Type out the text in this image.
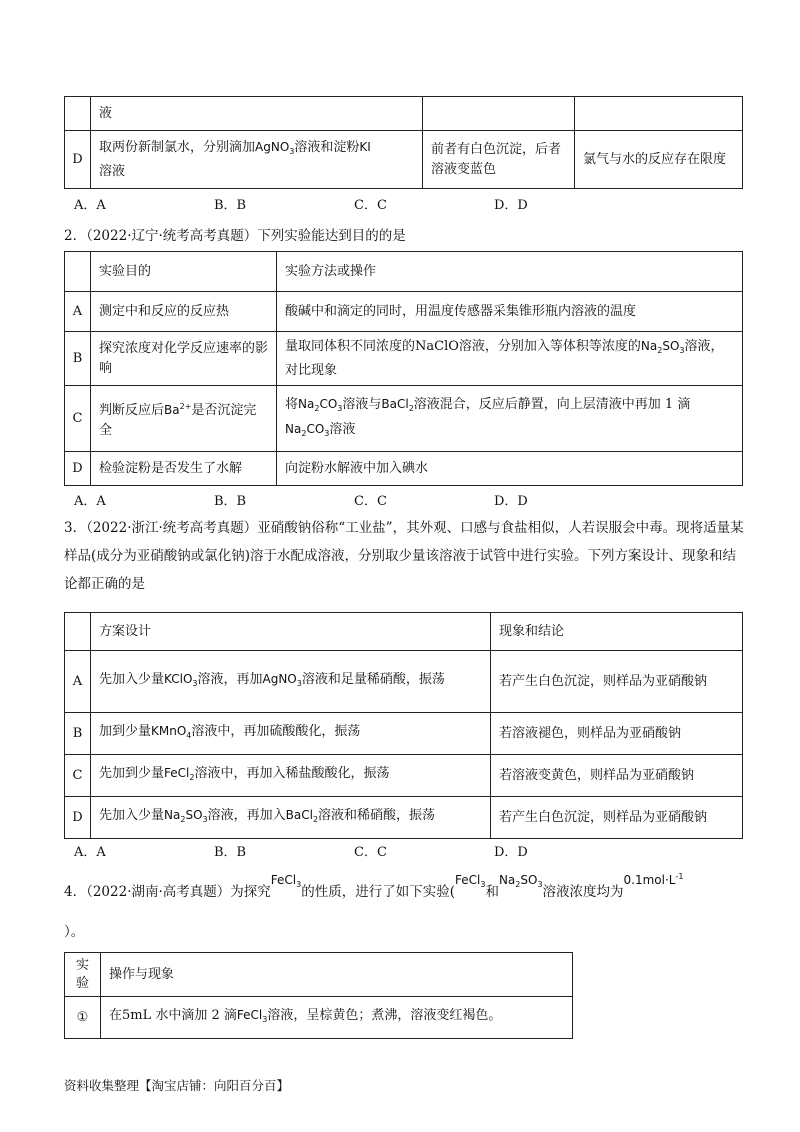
	液		
D	取两份新制氯水，分别滴加AgNO$_3$溶液和淀粉KI
溶液	前者有白色沉淀，后者溶液变蓝色	氯气与水的反应存在限度
A．A	B．B	C．C	D．D
2．（2022·辽宁·统考高考真题）下列实验能达到目的的是
	实验目的	实验方法或操作
A	测定中和反应的反应热	酸碱中和滴定的同时，用温度传感器采集锥形瓶内溶液的温度
B	探究浓度对化学反应速率的影响	量取同体积不同浓度的NaClO溶液，分别加入等体积等浓度的$Na_2SO_3$溶液，对比现象
C	判断反应后$Ba^{2+}$是否沉淀完全	将$Na_2CO_3$溶液与BaCl$_2$溶液混合，反应后静置，向上层清液中再加 1 滴
$Na_2CO_3$溶液
D	检验淀粉是否发生了水解	向淀粉水解液中加入碘水
A．A	B．B	C．C	D．D
3．（2022·浙江·统考高考真题）亚硝酸钠俗称“工业盐”，其外观、口感与食盐相似，人若误服会中毒。现将适量某样品(成分为亚硝酸钠或氯化钠)溶于水配成溶液，分别取少量该溶液于试管中进行实验。下列方案设计、现象和结论都正确的是
	方案设计	现象和结论
A	先加入少量KClO$_3$溶液，再加AgNO$_3$溶液和足量稀硝酸，振荡	若产生白色沉淀，则样品为亚硝酸钠
B	加到少量KMnO$_4$溶液中，再加硫酸酸化，振荡	若溶液褪色，则样品为亚硝酸钠
C	先加到少量FeCl$_2$溶液中，再加入稀盐酸酸化，振荡	若溶液变黄色，则样品为亚硝酸钠
D	先加入少量$Na_2SO_3$溶液，再加入BaCl$_2$溶液和稀硝酸，振荡	若产生白色沉淀，则样品为亚硝酸钠
A．A	B．B	C．C	D．D
4．（2022·湖南·高考真题）为探究FeCl$_3$的性质，进行了如下实验(FeCl$_3$和$Na_2SO_3$溶液浓度均为$0.1mol\cdot L^{-1}$
）。
实验	操作与现象
①	在5mL 水中滴加 2 滴FeCl$_3$溶液，呈棕黄色；煮沸，溶液变红褐色。
资料收集整理【淘宝店铺：向阳百分百】
